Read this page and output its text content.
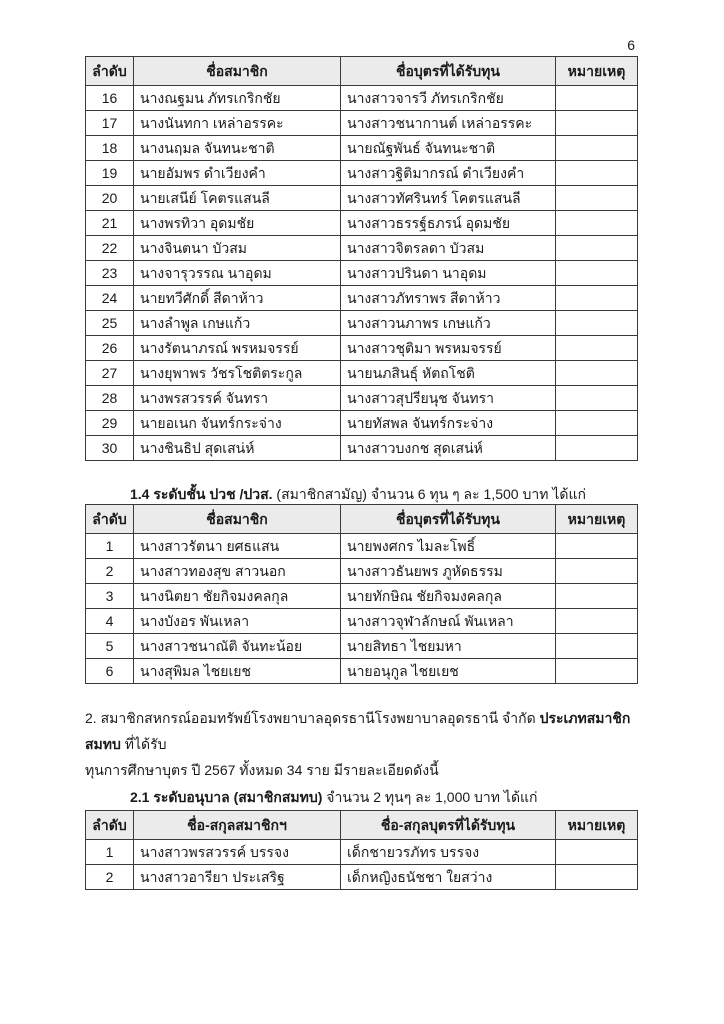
6
ลำดับ	ชื่อสมาชิก	ชื่อบุตรที่ได้รับทุน	หมายเหตุ
16	นางณฐมน ภัทรเกริกชัย	นางสาวจารวี ภัทรเกริกชัย	
17	นางนันทกา เหล่าอรรคะ	นางสาวชนากานต์ เหล่าอรรคะ	
18	นางนฤมล จันทนะชาติ	นายณัฐพันธ์ จันทนะชาติ	
19	นายอัมพร ดำเวียงคำ	นางสาวฐิติมากรณ์ ดำเวียงคำ	
20	นายเสนีย์ โคตรแสนลี	นางสาวทัศรินทร์ โคตรแสนลี	
21	นางพรทิวา อุดมชัย	นางสาวธรรฐ์ธภรน์ อุดมชัย	
22	นางจินตนา บัวสม	นางสาวจิตรลดา บัวสม	
23	นางจารุวรรณ นาอุดม	นางสาวปรินดา นาอุดม	
24	นายทวีศักดิ์ สีดาห้าว	นางสาวภัทราพร สีดาห้าว	
25	นางลำพูล เกษแก้ว	นางสาวนภาพร เกษแก้ว	
26	นางรัตนาภรณ์ พรหมจรรย์	นางสาวชุติมา พรหมจรรย์	
27	นางยุพาพร วัชรโชติตระกูล	นายนภสินธุ์ หัตถโชติ	
28	นางพรสวรรค์ จันทรา	นางสาวสุปรียนุช จันทรา	
29	นายอเนก จันทร์กระจ่าง	นายทัสพล จันทร์กระจ่าง	
30	นางชินธิป สุดเสน่ห์	นางสาวบงกช สุดเสน่ห์	

1.4 ระดับชั้น ปวช /ปวส. (สมาชิกสามัญ) จำนวน 6 ทุน ๆ ละ 1,500 บาท ได้แก่

ลำดับ	ชื่อสมาชิก	ชื่อบุตรที่ได้รับทุน	หมายเหตุ
1	นางสาวรัตนา ยศธแสน	นายพงศกร ไมละโพธิ์	
2	นางสาวทองสุข สาวนอก	นางสาวธันยพร ภูหัดธรรม	
3	นางนิตยา ชัยกิจมงคลกุล	นายทักษิณ ชัยกิจมงคลกุล	
4	นางบังอร พันเหลา	นางสาวจุฬาลักษณ์ พันเหลา	
5	นางสาวชนาณัติ จันทะน้อย	นายสิทธา ไชยมหา	
6	นางสุพิมล ไชยเยช	นายอนุกูล ไชยเยช	

2. สมาชิกสหกรณ์ออมทรัพย์โรงพยาบาลอุดรธานีโรงพยาบาลอุดรธานี จำกัด ประเภทสมาชิกสมทบ ที่ได้รับ
ทุนการศึกษาบุตร ปี 2567 ทั้งหมด 34 ราย มีรายละเอียดดังนี้

2.1 ระดับอนุบาล (สมาชิกสมทบ) จำนวน 2 ทุนๆ ละ 1,000 บาท ได้แก่

ลำดับ	ชื่อ-สกุลสมาชิกฯ	ชื่อ-สกุลบุตรที่ได้รับทุน	หมายเหตุ
1	นางสาวพรสวรรค์ บรรจง	เด็กชายวรภัทร บรรจง	
2	นางสาวอารียา ประเสริฐ	เด็กหญิงธนัชชา ใยสว่าง	
